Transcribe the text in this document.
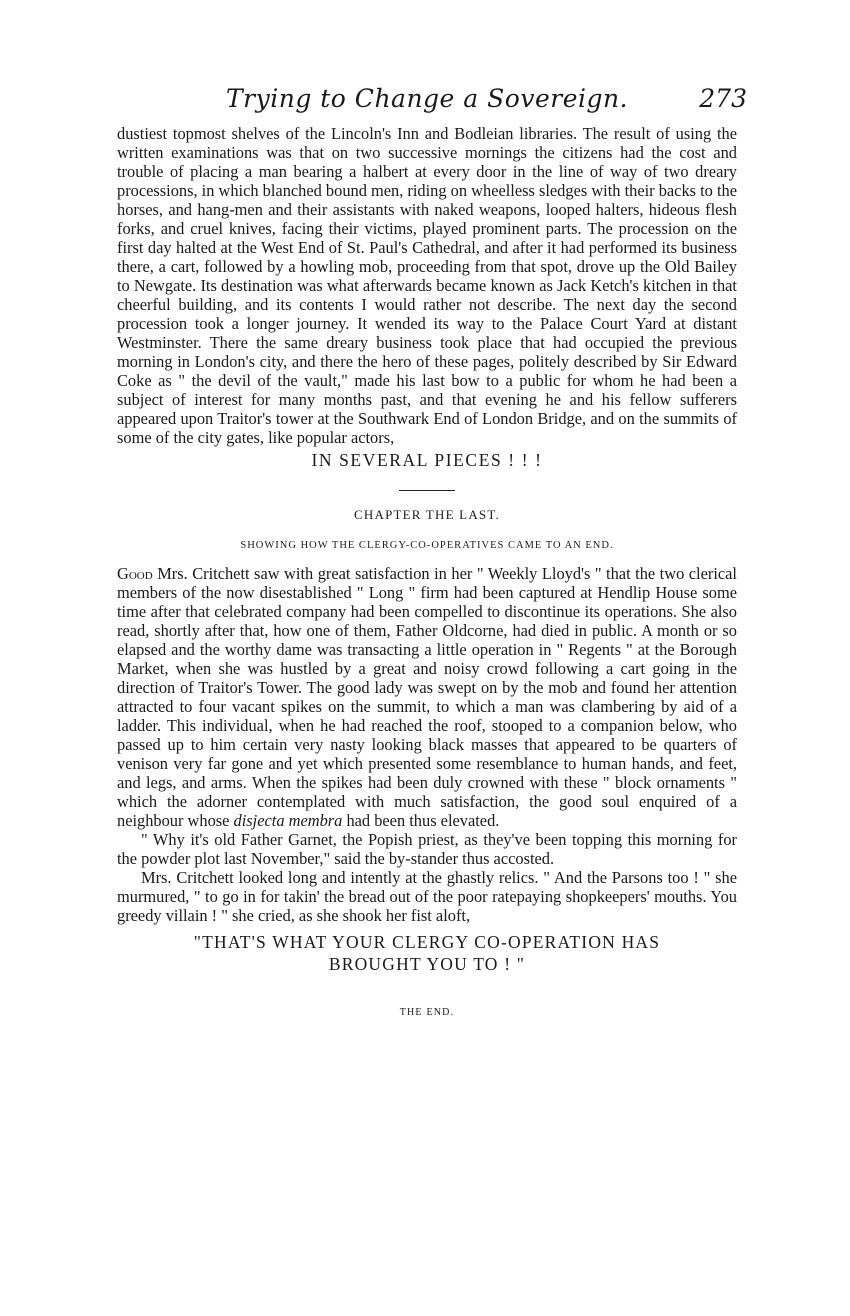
Trying to Change a Sovereign.	273

dustiest topmost shelves of the Lincoln's Inn and Bodleian libraries. The result of using the written examinations was that on two successive mornings the citizens had the cost and trouble of placing a man bearing a halbert at every door in the line of way of two dreary processions, in which blanched bound men, riding on wheelless sledges with their backs to the horses, and hang-men and their assistants with naked weapons, looped halters, hideous flesh forks, and cruel knives, facing their victims, played prominent parts. The procession on the first day halted at the West End of St. Paul's Cathedral, and after it had performed its business there, a cart, followed by a howling mob, proceeding from that spot, drove up the Old Bailey to Newgate. Its destination was what afterwards became known as Jack Ketch's kitchen in that cheerful building, and its contents I would rather not describe. The next day the second procession took a longer journey. It wended its way to the Palace Court Yard at distant Westminster. There the same dreary business took place that had occupied the previous morning in London's city, and there the hero of these pages, politely described by Sir Edward Coke as " the devil of the vault," made his last bow to a public for whom he had been a subject of interest for many months past, and that evening he and his fellow sufferers appeared upon Traitor's tower at the Southwark End of London Bridge, and on the summits of some of the city gates, like popular actors,

IN SEVERAL PIECES ! ! !

CHAPTER THE LAST.

SHOWING HOW THE CLERGY-CO-OPERATIVES CAME TO AN END.

Good Mrs. Critchett saw with great satisfaction in her " Weekly Lloyd's " that the two clerical members of the now disestablished " Long " firm had been captured at Hendlip House some time after that celebrated company had been compelled to discontinue its operations. She also read, shortly after that, how one of them, Father Oldcorne, had died in public. A month or so elapsed and the worthy dame was transacting a little operation in " Regents " at the Borough Market, when she was hustled by a great and noisy crowd following a cart going in the direction of Traitor's Tower. The good lady was swept on by the mob and found her attention attracted to four vacant spikes on the summit, to which a man was clambering by aid of a ladder. This individual, when he had reached the roof, stooped to a companion below, who passed up to him certain very nasty looking black masses that appeared to be quarters of venison very far gone and yet which presented some resemblance to human hands, and feet, and legs, and arms. When the spikes had been duly crowned with these " block ornaments " which the adorner contemplated with much satisfaction, the good soul enquired of a neighbour whose disjecta membra had been thus elevated.

" Why it's old Father Garnet, the Popish priest, as they've been topping this morning for the powder plot last November," said the by-stander thus accosted.

Mrs. Critchett looked long and intently at the ghastly relics. " And the Parsons too ! " she murmured, " to go in for takin' the bread out of the poor ratepaying shopkeepers' mouths. You greedy villain ! " she cried, as she shook her fist aloft,

"THAT'S WHAT YOUR CLERGY CO-OPERATION HAS

BROUGHT YOU TO ! "

THE END.
